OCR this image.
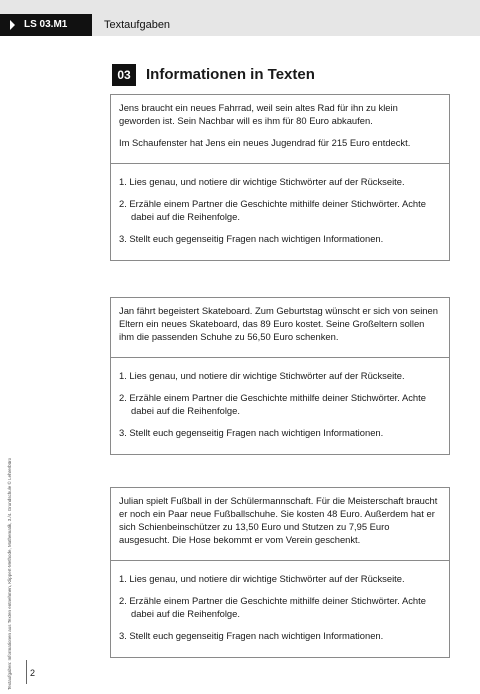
LS 03.M1	Textaufgaben
03	Informationen in Texten

Jens braucht ein neues Fahrrad, weil sein altes Rad für ihn zu klein geworden ist. Sein Nachbar will es ihm für 80 Euro abkaufen.

Im Schaufenster hat Jens ein neues Jugendrad für 215 Euro entdeckt.

1. Lies genau, und notiere dir wichtige Stichwörter auf der Rückseite.
2. Erzähle einem Partner die Geschichte mithilfe deiner Stichwörter. Achte dabei auf die Reihenfolge.
3. Stellt euch gegenseitig Fragen nach wichtigen Informationen.

Jan fährt begeistert Skateboard. Zum Geburtstag wünscht er sich von seinen Eltern ein neues Skateboard, das 89 Euro kostet. Seine Großeltern sollen ihm die passenden Schuhe zu 56,50 Euro schenken.

1. Lies genau, und notiere dir wichtige Stichwörter auf der Rückseite.
2. Erzähle einem Partner die Geschichte mithilfe deiner Stichwörter. Achte dabei auf die Reihenfolge.
3. Stellt euch gegenseitig Fragen nach wichtigen Informationen.

Julian spielt Fußball in der Schülermannschaft. Für die Meisterschaft braucht er noch ein Paar neue Fußballschuhe. Sie kosten 48 Euro. Außerdem hat er sich Schienbeinschützer zu 13,50 Euro und Stutzen zu 7,95 Euro ausgesucht. Die Hose bekommt er vom Verein geschenkt.

1. Lies genau, und notiere dir wichtige Stichwörter auf der Rückseite.
2. Erzähle einem Partner die Geschichte mithilfe deiner Stichwörter. Achte dabei auf die Reihenfolge.
3. Stellt euch gegenseitig Fragen nach wichtigen Informationen.
Textaufgaben: Informationen aus Texten entnehmen, Klippert-Methode, Mathematik, 3./4. Grundschule © Lehrerbüro 2
